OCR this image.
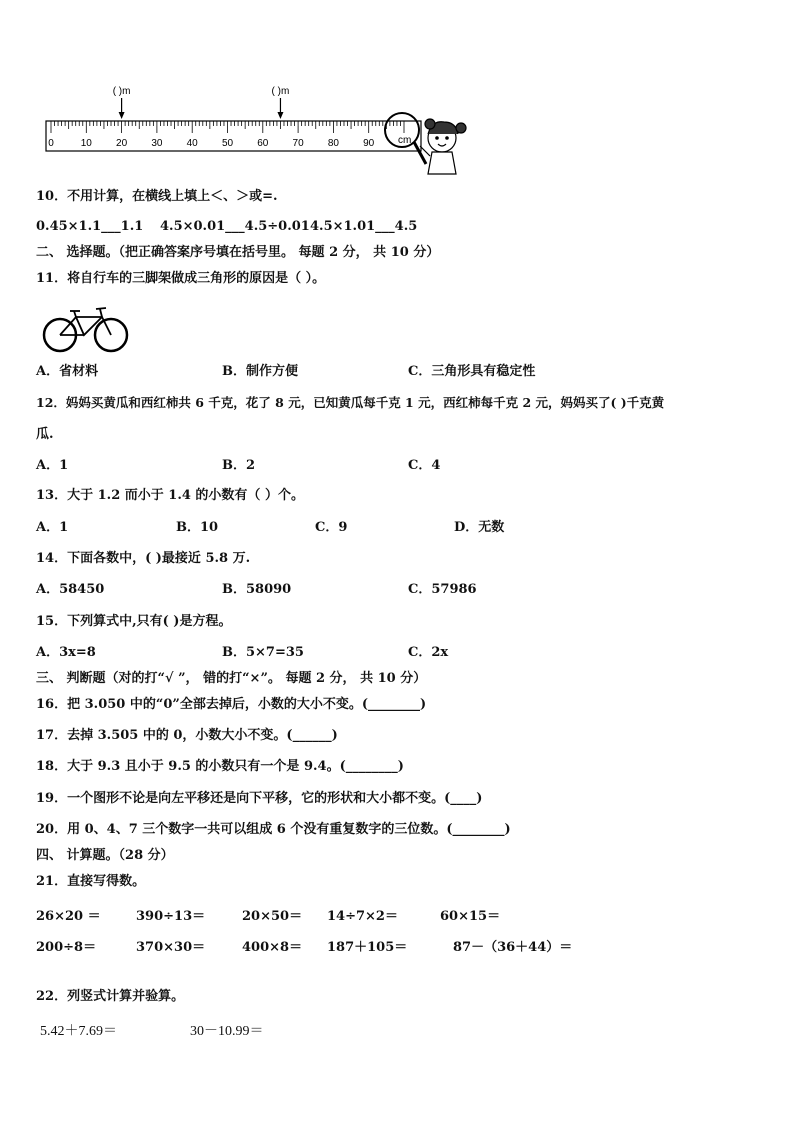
0	10 20 30 40 50 60 70 80 90 cm
( )m	( )m
10．不用计算，在横线上填上＜、＞或=.
0.45×1.1___1.1 4.5×0.01___4.5÷0.01 4.5×1.01___4.5
二、 选择题。（把正确答案序号填在括号里。 每题 2 分， 共 10 分）
11．将自行车的三脚架做成三角形的原因是（ ）。
A．省材料	B．制作方便	C．三角形具有稳定性
12．妈妈买黄瓜和西红柿共 6 千克，花了 8 元，已知黄瓜每千克 1 元，西红柿每千克 2 元，妈妈买了( )千克黄
瓜.
A．1	B．2	C．4
13．大于 1.2 而小于 1.4 的小数有（ ）个。
A．1	B．10	C．9	D．无数
14．下面各数中，( )最接近 5.8 万.
A．58450	B．58090	C．57986
15．下列算式中,只有( )是方程。
A．3x=8	B．5×7=35	C．2x
三、 判断题（对的打“√ ”， 错的打“×”。 每题 2 分， 共 10 分）
16．把 3.050 中的“0”全部去掉后，小数的大小不变。(________)
17．去掉 3.505 中的 0，小数大小不变。(______)
18．大于 9.3 且小于 9.5 的小数只有一个是 9.4。(________)
19．一个图形不论是向左平移还是向下平移，它的形状和大小都不变。(____)
20．用 0、4、7 三个数字一共可以组成 6 个没有重复数字的三位数。(________)
四、 计算题。（28 分）
21．直接写得数。
26×20 ＝	390÷13＝	20×50＝ 14÷7×2＝	60×15＝
200÷8＝	370×30＝	400×8＝ 187＋105＝	87－（36＋44）＝
22．列竖式计算并验算。
5.42＋7.69＝	30－10.99＝
